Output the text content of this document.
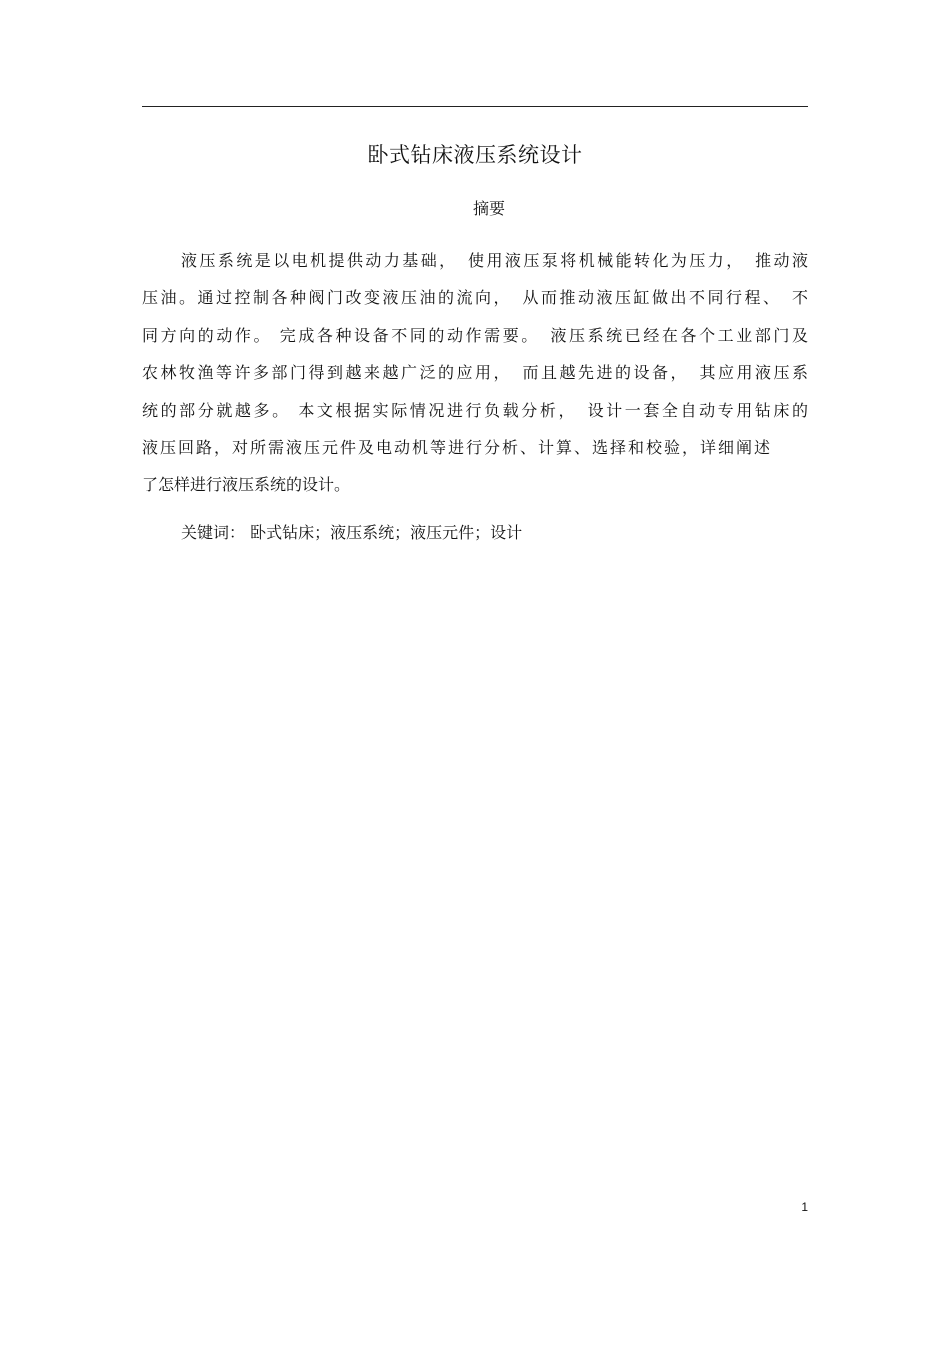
卧式钻床液压系统设计
摘要
液压系统是以电机提供动力基础，　使用液压泵将机械能转化为压力，　推动液
压油。通过控制各种阀门改变液压油的流向，　从而推动液压缸做出不同行程、　不
同方向的动作。 完成各种设备不同的动作需要。　液压系统已经在各个工业部门及
农林牧渔等许多部门得到越来越广泛的应用，　而且越先进的设备，　其应用液压系
统的部分就越多。 本文根据实际情况进行负载分析，　设计一套全自动专用钻床的
液压回路，对所需液压元件及电动机等进行分析、计算、选择和校验，详细阐述
了怎样进行液压系统的设计。
关键词： 卧式钻床；液压系统；液压元件；设计
1
